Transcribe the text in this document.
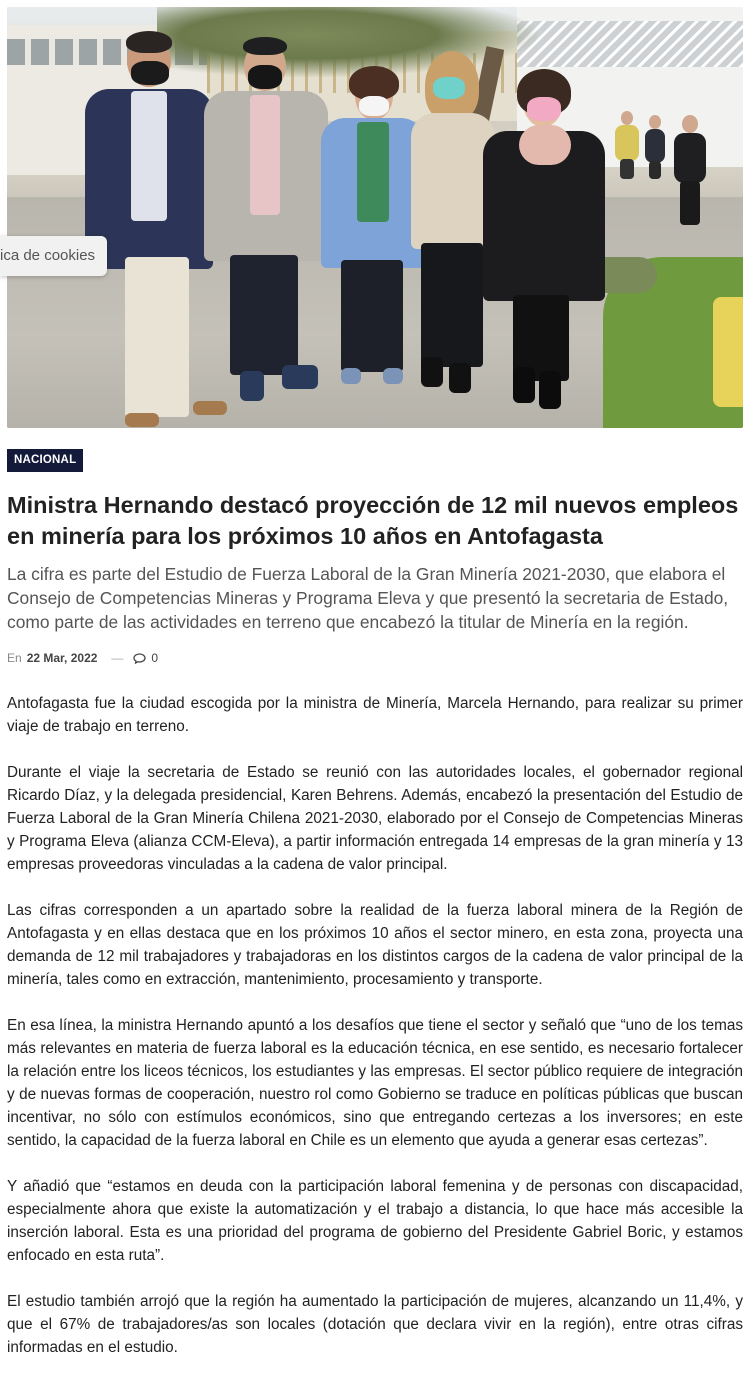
ica de cookies
NACIONAL
Ministra Hernando destacó proyección de 12 mil nuevos empleos en minería para los próximos 10 años en Antofagasta

La cifra es parte del Estudio de Fuerza Laboral de la Gran Minería 2021-2030, que elabora el Consejo de Competencias Mineras y Programa Eleva y que presentó la secretaria de Estado, como parte de las actividades en terreno que encabezó la titular de Minería en la región.

En 22 Mar, 2022 — 0

Antofagasta fue la ciudad escogida por la ministra de Minería, Marcela Hernando, para realizar su primer viaje de trabajo en terreno.

Durante el viaje la secretaria de Estado se reunió con las autoridades locales, el gobernador regional Ricardo Díaz, y la delegada presidencial, Karen Behrens. Además, encabezó la presentación del Estudio de Fuerza Laboral de la Gran Minería Chilena 2021-2030, elaborado por el Consejo de Competencias Mineras y Programa Eleva (alianza CCM-Eleva), a partir información entregada 14 empresas de la gran minería y 13 empresas proveedoras vinculadas a la cadena de valor principal.

Las cifras corresponden a un apartado sobre la realidad de la fuerza laboral minera de la Región de Antofagasta y en ellas destaca que en los próximos 10 años el sector minero, en esta zona, proyecta una demanda de 12 mil trabajadores y trabajadoras en los distintos cargos de la cadena de valor principal de la minería, tales como en extracción, mantenimiento, procesamiento y transporte.

En esa línea, la ministra Hernando apuntó a los desafíos que tiene el sector y señaló que “uno de los temas más relevantes en materia de fuerza laboral es la educación técnica, en ese sentido, es necesario fortalecer la relación entre los liceos técnicos, los estudiantes y las empresas. El sector público requiere de integración y de nuevas formas de cooperación, nuestro rol como Gobierno se traduce en políticas públicas que buscan incentivar, no sólo con estímulos económicos, sino que entregando certezas a los inversores; en este sentido, la capacidad de la fuerza laboral en Chile es un elemento que ayuda a generar esas certezas”.

Y añadió que “estamos en deuda con la participación laboral femenina y de personas con discapacidad, especialmente ahora que existe la automatización y el trabajo a distancia, lo que hace más accesible la inserción laboral. Esta es una prioridad del programa de gobierno del Presidente Gabriel Boric, y estamos enfocado en esta ruta”.

El estudio también arrojó que la región ha aumentado la participación de mujeres, alcanzando un 11,4%, y que el 67% de trabajadores/as son locales (dotación que declara vivir en la región), entre otras cifras informadas en el estudio.
